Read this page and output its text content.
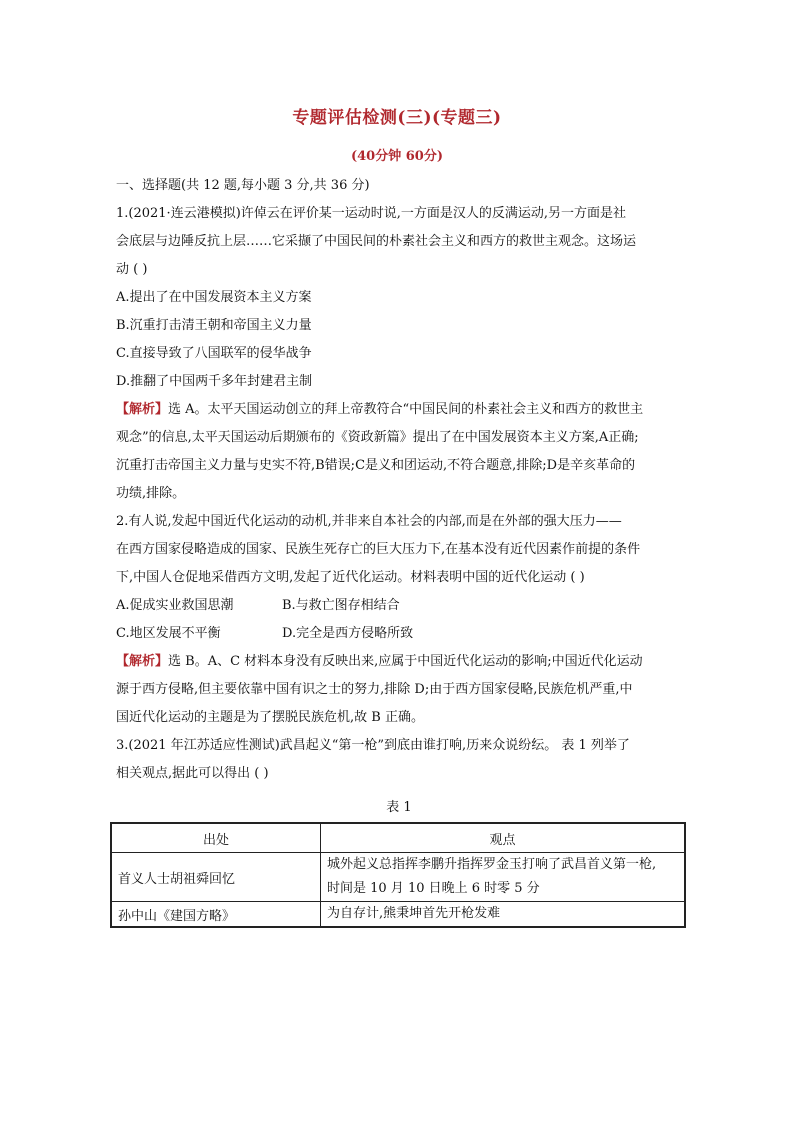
专题评估检测(三)(专题三)
(40分钟 60分)
一、选择题(共 12 题,每小题 3 分,共 36 分)
1.(2021·连云港模拟)许倬云在评价某一运动时说,一方面是汉人的反满运动,另一方面是社
会底层与边陲反抗上层……它采撷了中国民间的朴素社会主义和西方的救世主观念。这场运
动 ( )
A.提出了在中国发展资本主义方案
B.沉重打击清王朝和帝国主义力量
C.直接导致了八国联军的侵华战争
D.推翻了中国两千多年封建君主制
【解析】选 A。太平天国运动创立的拜上帝教符合“中国民间的朴素社会主义和西方的救世主
观念”的信息,太平天国运动后期颁布的《资政新篇》提出了在中国发展资本主义方案,A正确;
沉重打击帝国主义力量与史实不符,B错误;C是义和团运动,不符合题意,排除;D是辛亥革命的
功绩,排除。
2.有人说,发起中国近代化运动的动机,并非来自本社会的内部,而是在外部的强大压力——
在西方国家侵略造成的国家、民族生死存亡的巨大压力下,在基本没有近代因素作前提的条件
下,中国人仓促地采借西方文明,发起了近代化运动。材料表明中国的近代化运动 ( )
A.促成实业救国思潮	B.与救亡图存相结合
C.地区发展不平衡	D.完全是西方侵略所致
【解析】选 B。A、C 材料本身没有反映出来,应属于中国近代化运动的影响;中国近代化运动
源于西方侵略,但主要依靠中国有识之士的努力,排除 D;由于西方国家侵略,民族危机严重,中
国近代化运动的主题是为了摆脱民族危机,故 B 正确。
3.(2021 年江苏适应性测试)武昌起义“第一枪”到底由谁打响,历来众说纷纭。 表 1 列举了
相关观点,据此可以得出 ( )
表 1
出处	观点
首义人士胡祖舜回忆	城外起义总指挥李鹏升指挥罗金玉打响了武昌首义第一枪,
时间是 10 月 10 日晚上 6 时零 5 分

孙中山《建国方略》	为自存计,熊秉坤首先开枪发难
